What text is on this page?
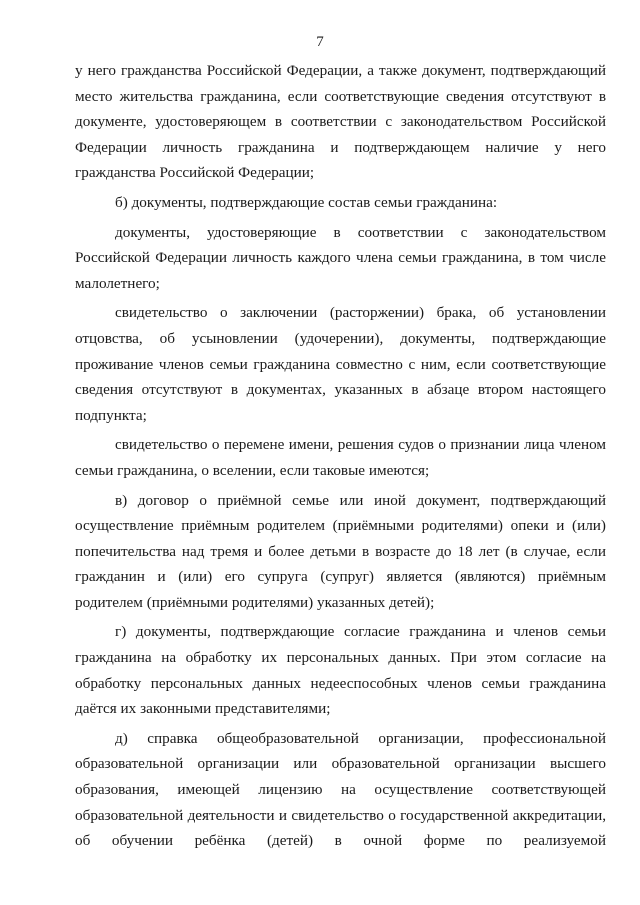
7

у него гражданства Российской Федерации, а также документ, подтверждающий место жительства гражданина, если соответствующие сведения отсутствуют в документе, удостоверяющем в соответствии с законодательством Российской Федерации личность гражданина и подтверждающем наличие у него гражданства Российской Федерации;

б) документы, подтверждающие состав семьи гражданина:

документы, удостоверяющие в соответствии с законодательством Российской Федерации личность каждого члена семьи гражданина, в том числе малолетнего;

свидетельство о заключении (расторжении) брака, об установлении отцовства, об усыновлении (удочерении), документы, подтверждающие проживание членов семьи гражданина совместно с ним, если соответствующие сведения отсутствуют в документах, указанных в абзаце втором настоящего подпункта;

свидетельство о перемене имени, решения судов о признании лица членом семьи гражданина, о вселении, если таковые имеются;

в) договор о приёмной семье или иной документ, подтверждающий осуществление приёмным родителем (приёмными родителями) опеки и (или) попечительства над тремя и более детьми в возрасте до 18 лет (в случае, если гражданин и (или) его супруга (супруг) является (являются) приёмным родителем (приёмными родителями) указанных детей);

г) документы, подтверждающие согласие гражданина и членов семьи гражданина на обработку их персональных данных. При этом согласие на обработку персональных данных недееспособных членов семьи гражданина даётся их законными представителями;

д) справка общеобразовательной организации, профессиональной образовательной организации или образовательной организации высшего образования, имеющей лицензию на осуществление соответствующей образовательной деятельности и свидетельство о государственной аккредитации, об обучении ребёнка (детей) в очной форме по реализуемой
